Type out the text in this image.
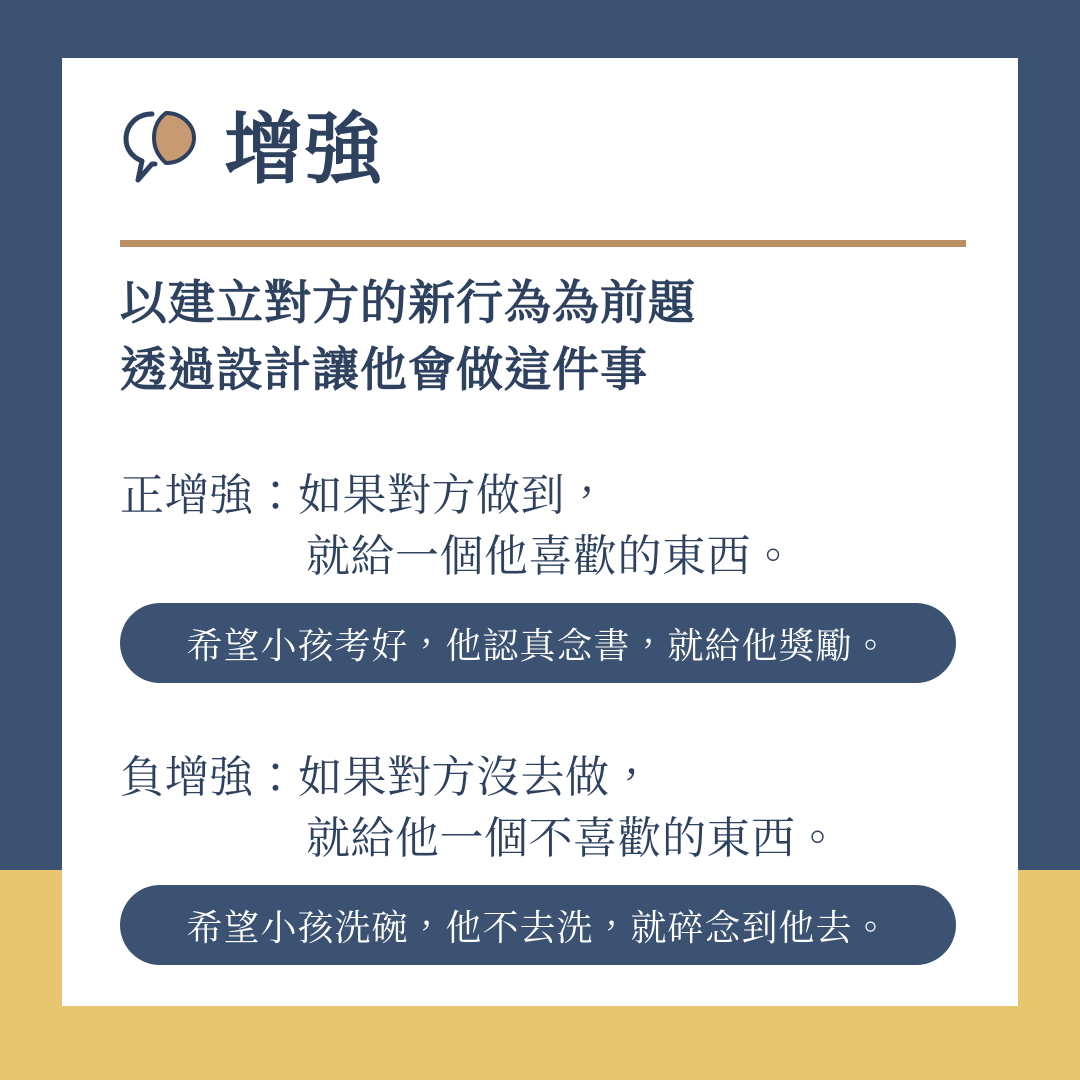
增強
以建立對方的新行為為前題
透過設計讓他會做這件事
正增強：如果對方做到，
就給一個他喜歡的東西。
希望小孩考好，他認真念書，就給他獎勵。
負增強：如果對方沒去做，
就給他一個不喜歡的東西。
希望小孩洗碗，他不去洗，就碎念到他去。
